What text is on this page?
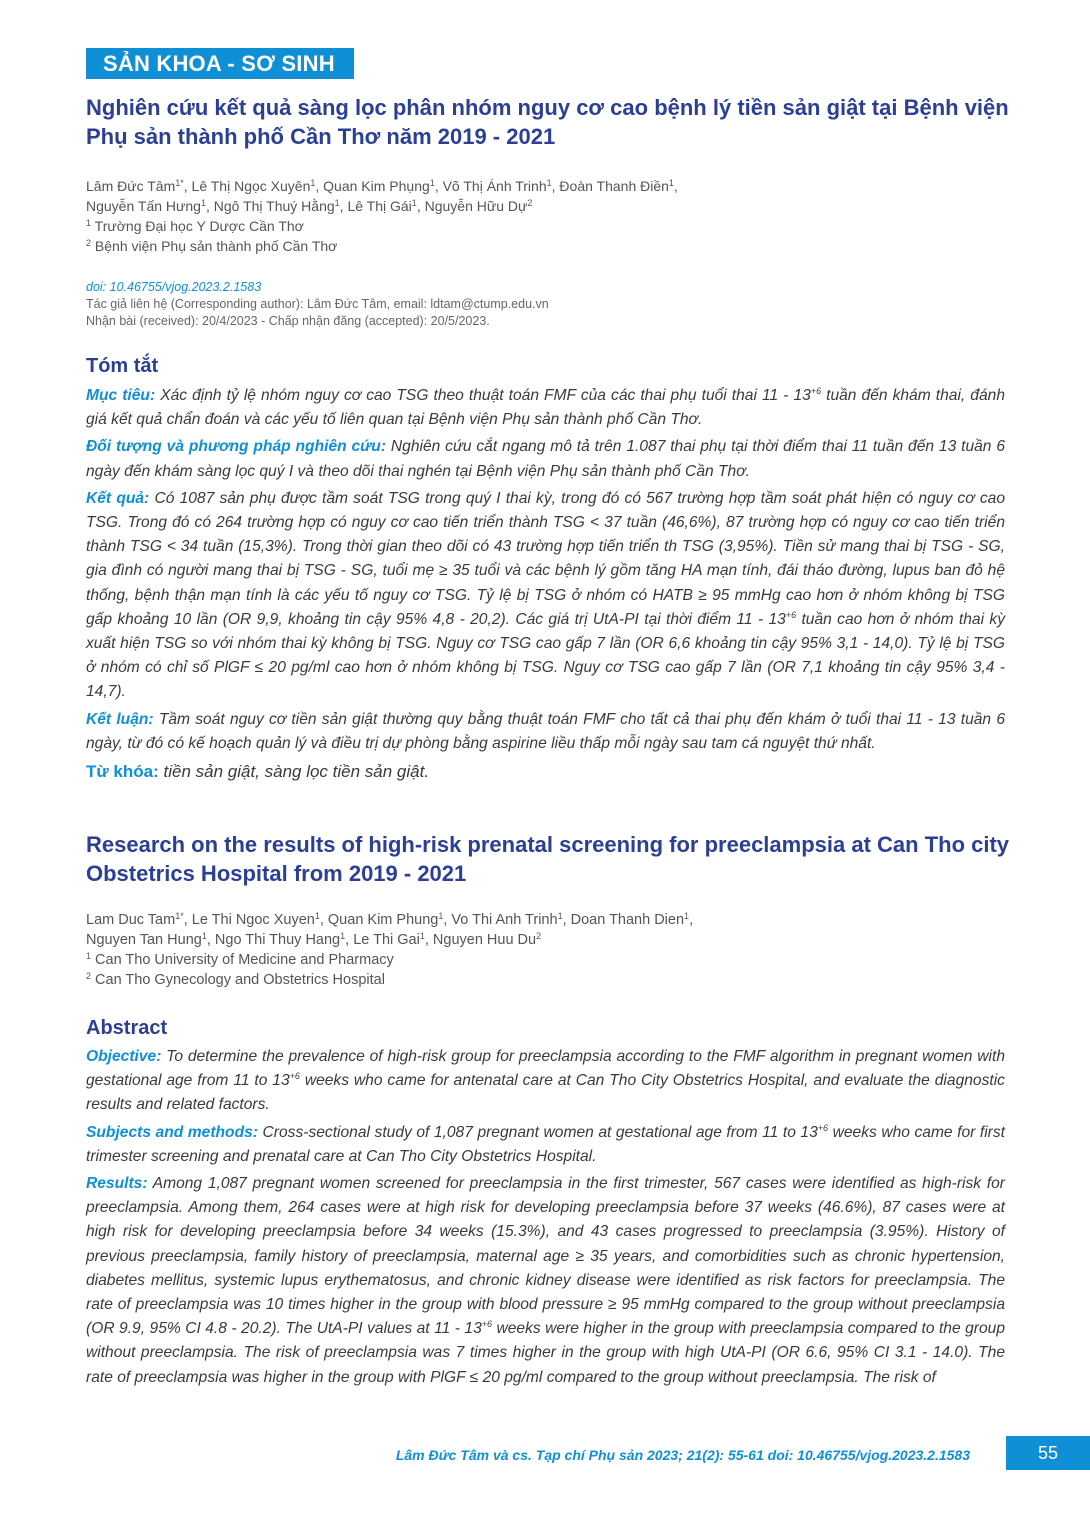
SẢN KHOA - SƠ SINH
Nghiên cứu kết quả sàng lọc phân nhóm nguy cơ cao bệnh lý tiền sản giật tại Bệnh viện Phụ sản thành phố Cần Thơ năm 2019 - 2021
Lâm Đức Tâm$^{1*}$, Lê Thị Ngọc Xuyên$^1$, Quan Kim Phụng$^1$, Võ Thị Ánh Trinh$^1$, Đoàn Thanh Điền$^1$,
Nguyễn Tấn Hưng$^1$, Ngô Thị Thuý Hằng$^1$, Lê Thị Gái$^1$, Nguyễn Hữu Dự$^2$
$^1$ Trường Đại học Y Dược Cần Thơ
$^2$ Bệnh viện Phụ sản thành phố Cần Thơ
doi: 10.46755/vjog.2023.2.1583
Tác giả liên hệ (Corresponding author): Lâm Đức Tâm, email: ldtam@ctump.edu.vn
Nhận bài (received): 20/4/2023 - Chấp nhận đăng (accepted): 20/5/2023.
Tóm tắt

Mục tiêu: Xác định tỷ lệ nhóm nguy cơ cao TSG theo thuật toán FMF của các thai phụ tuổi thai $11 - 13^{+6}$ tuần đến khám thai, đánh giá kết quả chẩn đoán và các yếu tố liên quan tại Bệnh viện Phụ sản thành phố Cần Thơ.

Đối tượng và phương pháp nghiên cứu: Nghiên cứu cắt ngang mô tả trên 1.087 thai phụ tại thời điểm thai 11 tuần đến 13 tuần 6 ngày đến khám sàng lọc quý I và theo dõi thai nghén tại Bệnh viện Phụ sản thành phố Cần Thơ.

Kết quả: Có 1087 sản phụ được tầm soát TSG trong quý I thai kỳ, trong đó có 567 trường hợp tầm soát phát hiện có nguy cơ cao TSG. Trong đó có 264 trường hợp có nguy cơ cao tiến triển thành TSG < 37 tuần (46,6%), 87 trường hợp có nguy cơ cao tiến triển thành TSG < 34 tuần (15,3%). Trong thời gian theo dõi có 43 trường hợp tiến triển th TSG (3,95%). Tiền sử mang thai bị TSG - SG, gia đình có người mang thai bị TSG - SG, tuổi mẹ ≥ 35 tuổi và các bệnh lý gồm tăng HA mạn tính, đái tháo đường, lupus ban đỏ hệ thống, bệnh thận mạn tính là các yếu tố nguy cơ TSG. Tỷ lệ bị TSG ở nhóm có HATB ≥ 95 mmHg cao hơn ở nhóm không bị TSG gấp khoảng 10 lần (OR 9,9, khoảng tin cậy 95% 4,8 - 20,2). Các giá trị UtA-PI tại thời điểm $11 - 13^{+6}$ tuần cao hơn ở nhóm thai kỳ xuất hiện TSG so với nhóm thai kỳ không bị TSG. Nguy cơ TSG cao gấp 7 lần (OR 6,6 khoảng tin cậy 95% 3,1 - 14,0). Tỷ lệ bị TSG ở nhóm có chỉ số PlGF ≤ 20 pg/ml cao hơn ở nhóm không bị TSG. Nguy cơ TSG cao gấp 7 lần (OR 7,1 khoảng tin cậy 95% 3,4 - 14,7).

Kết luận: Tầm soát nguy cơ tiền sản giật thường quy bằng thuật toán FMF cho tất cả thai phụ đến khám ở tuổi thai 11 - 13 tuần 6 ngày, từ đó có kế hoạch quản lý và điều trị dự phòng bằng aspirine liều thấp mỗi ngày sau tam cá nguyệt thứ nhất.

Từ khóa: tiền sản giật, sàng lọc tiền sản giật.

Research on the results of high-risk prenatal screening for preeclampsia at Can Tho city Obstetrics Hospital from 2019 - 2021
Lam Duc Tam$^{1*}$, Le Thi Ngoc Xuyen$^1$, Quan Kim Phung$^1$, Vo Thi Anh Trinh$^1$, Doan Thanh Dien$^1$,
Nguyen Tan Hung$^1$, Ngo Thi Thuy Hang$^1$, Le Thi Gai$^1$, Nguyen Huu Du$^2$
$^1$ Can Tho University of Medicine and Pharmacy
$^2$ Can Tho Gynecology and Obstetrics Hospital
Abstract

Objective: To determine the prevalence of high-risk group for preeclampsia according to the FMF algorithm in pregnant women with gestational age from 11 to $13^{+6}$ weeks who came for antenatal care at Can Tho City Obstetrics Hospital, and evaluate the diagnostic results and related factors.

Subjects and methods: Cross-sectional study of 1,087 pregnant women at gestational age from 11 to $13^{+6}$ weeks who came for first trimester screening and prenatal care at Can Tho City Obstetrics Hospital.

Results: Among 1,087 pregnant women screened for preeclampsia in the first trimester, 567 cases were identified as high-risk for preeclampsia. Among them, 264 cases were at high risk for developing preeclampsia before 37 weeks (46.6%), 87 cases were at high risk for developing preeclampsia before 34 weeks (15.3%), and 43 cases progressed to preeclampsia (3.95%). History of previous preeclampsia, family history of preeclampsia, maternal age ≥ 35 years, and comorbidities such as chronic hypertension, diabetes mellitus, systemic lupus erythematosus, and chronic kidney disease were identified as risk factors for preeclampsia. The rate of preeclampsia was 10 times higher in the group with blood pressure ≥ 95 mmHg compared to the group without preeclampsia (OR 9.9, 95% CI 4.8 - 20.2). The UtA-PI values at $11 - 13^{+6}$ weeks were higher in the group with preeclampsia compared to the group without preeclampsia. The risk of preeclampsia was 7 times higher in the group with high UtA-PI (OR 6.6, 95% CI 3.1 - 14.0). The rate of preeclampsia was higher in the group with PlGF ≤ 20 pg/ml compared to the group without preeclampsia. The risk of

Lâm Đức Tâm và cs. Tạp chí Phụ sản 2023; 21(2): 55-61 doi: 10.46755/vjog.2023.2.1583	55
